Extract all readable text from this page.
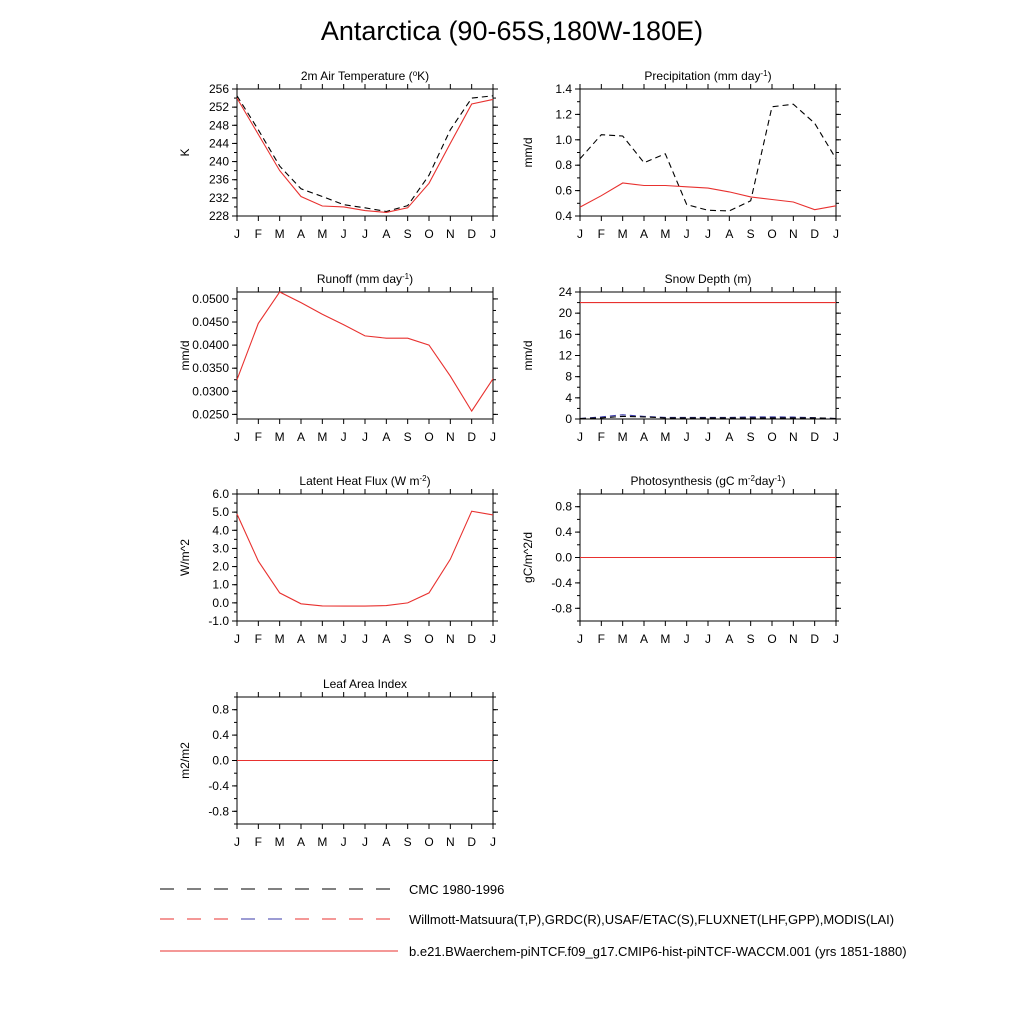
Antarctica (90-65S,180W-180E)
2m Air Temperature ($^o$K)
K
228
232
236
240
244
248
252
256
J F M A M J J A S O N D J
Precipitation (mm day$^{-1}$)
mm/d
0.4
0.6
0.8
1.0
1.2
1.4
J F M A M J J A S O N D J
Runoff (mm day$^{-1}$)
mm/d
0.0250
0.0300
0.0350
0.0400
0.0450
0.0500
J F M A M J J A S O N D J
Snow Depth (m)
mm/d
0
4
8
12
16
20
24
J F M A M J J A S O N D J
Latent Heat Flux (W $m^{-2}$)
W/m^2
-1.0
0.0
1.0
2.0
3.0
4.0
5.0
6.0
J F M A M J J A S O N D J
Photosynthesis (gC $m^{-2}day^{-1}$)
gC/m^2/d
-0.8
-0.4
0.0
0.4
0.8
J F M A M J J A S O N D J
Leaf Area Index
m2/m2
-0.8
-0.4
0.0
0.4
0.8
J F M A M J J A S O N D J
CMC 1980-1996
Willmott-Matsuura(T,P),GRDC(R),USAF/ETAC(S),FLUXNET(LHF,GPP),MODIS(LAI)
b.e21.BWaerchem-piNTCF.f09_g17.CMIP6-hist-piNTCF-WACCM.001 (yrs 1851-1880)
